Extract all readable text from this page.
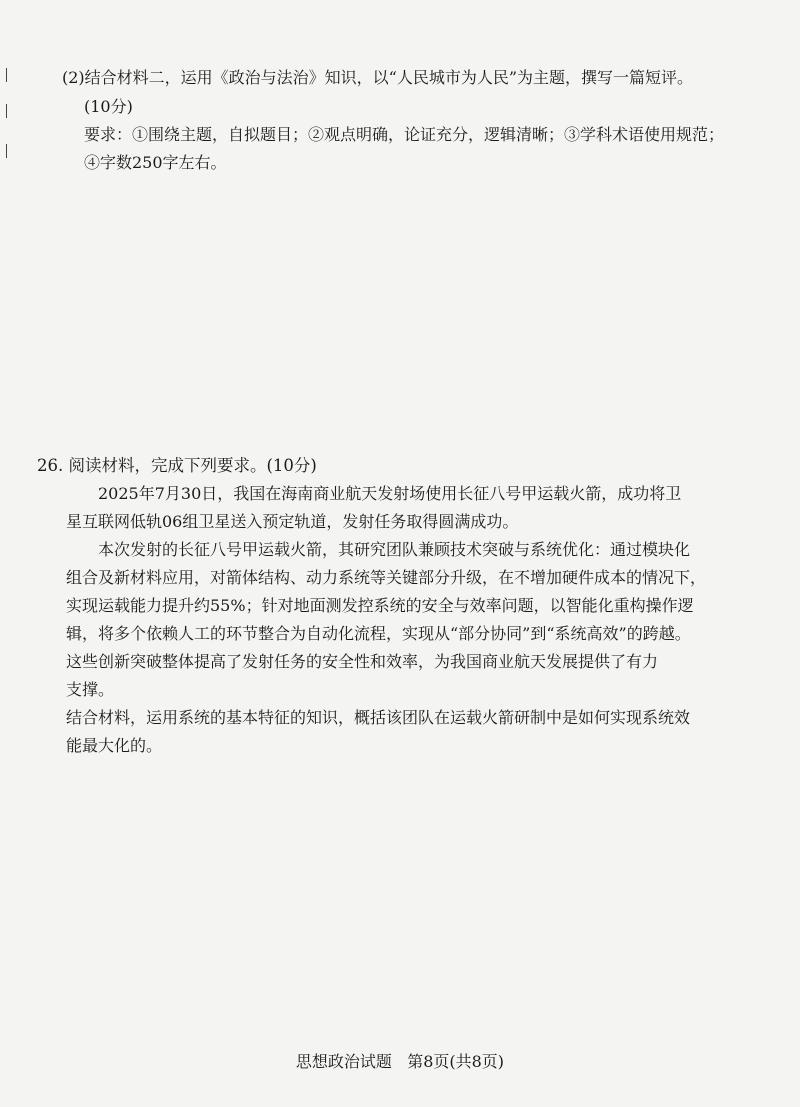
(2)结合材料二，运用《政治与法治》知识，以“人民城市为人民”为主题，撰写一篇短评。
(10分)
要求：①围绕主题，自拟题目；②观点明确，论证充分，逻辑清晰；③学科术语使用规范；
④字数250字左右。
26. 阅读材料，完成下列要求。(10分)
2025年7月30日，我国在海南商业航天发射场使用长征八号甲运载火箭，成功将卫
星互联网低轨06组卫星送入预定轨道，发射任务取得圆满成功。
本次发射的长征八号甲运载火箭，其研究团队兼顾技术突破与系统优化：通过模块化
组合及新材料应用，对箭体结构、动力系统等关键部分升级，在不增加硬件成本的情况下，
实现运载能力提升约55%；针对地面测发控系统的安全与效率问题，以智能化重构操作逻
辑，将多个依赖人工的环节整合为自动化流程，实现从“部分协同”到“系统高效”的跨越。
这些创新突破整体提高了发射任务的安全性和效率，为我国商业航天发展提供了有力
支撑。
结合材料，运用系统的基本特征的知识，概括该团队在运载火箭研制中是如何实现系统效
能最大化的。
思想政治试题 第8页(共8页)
